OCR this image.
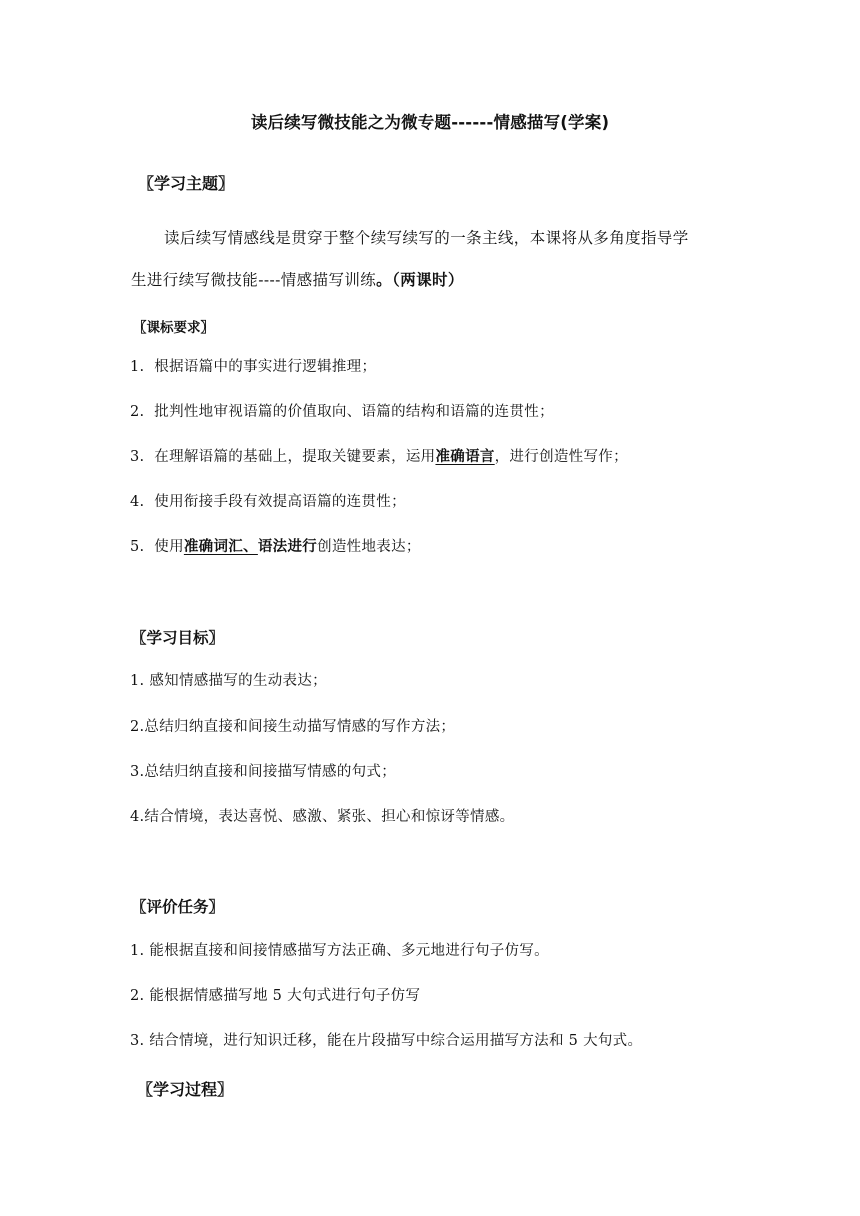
读后续写微技能之为微专题------情感描写(学案)
〖学习主题〗
读后续写情感线是贯穿于整个续写续写的一条主线，本课将从多角度指导学
生进行续写微技能----情感描写训练。（两课时）
〖课标要求〗
1. 根据语篇中的事实进行逻辑推理；
2. 批判性地审视语篇的价值取向、语篇的结构和语篇的连贯性；
3. 在理解语篇的基础上，提取关键要素，运用准确语言，进行创造性写作；
4. 使用衔接手段有效提高语篇的连贯性；
5. 使用准确词汇、语法进行创造性地表达；
〖学习目标〗
1. 感知情感描写的生动表达；
2.总结归纳直接和间接生动描写情感的写作方法；
3.总结归纳直接和间接描写情感的句式；
4.结合情境，表达喜悦、感激、紧张、担心和惊讶等情感。
〖评价任务〗
1. 能根据直接和间接情感描写方法正确、多元地进行句子仿写。
2. 能根据情感描写地 5 大句式进行句子仿写
3. 结合情境，进行知识迁移，能在片段描写中综合运用描写方法和 5 大句式。
〖学习过程〗
